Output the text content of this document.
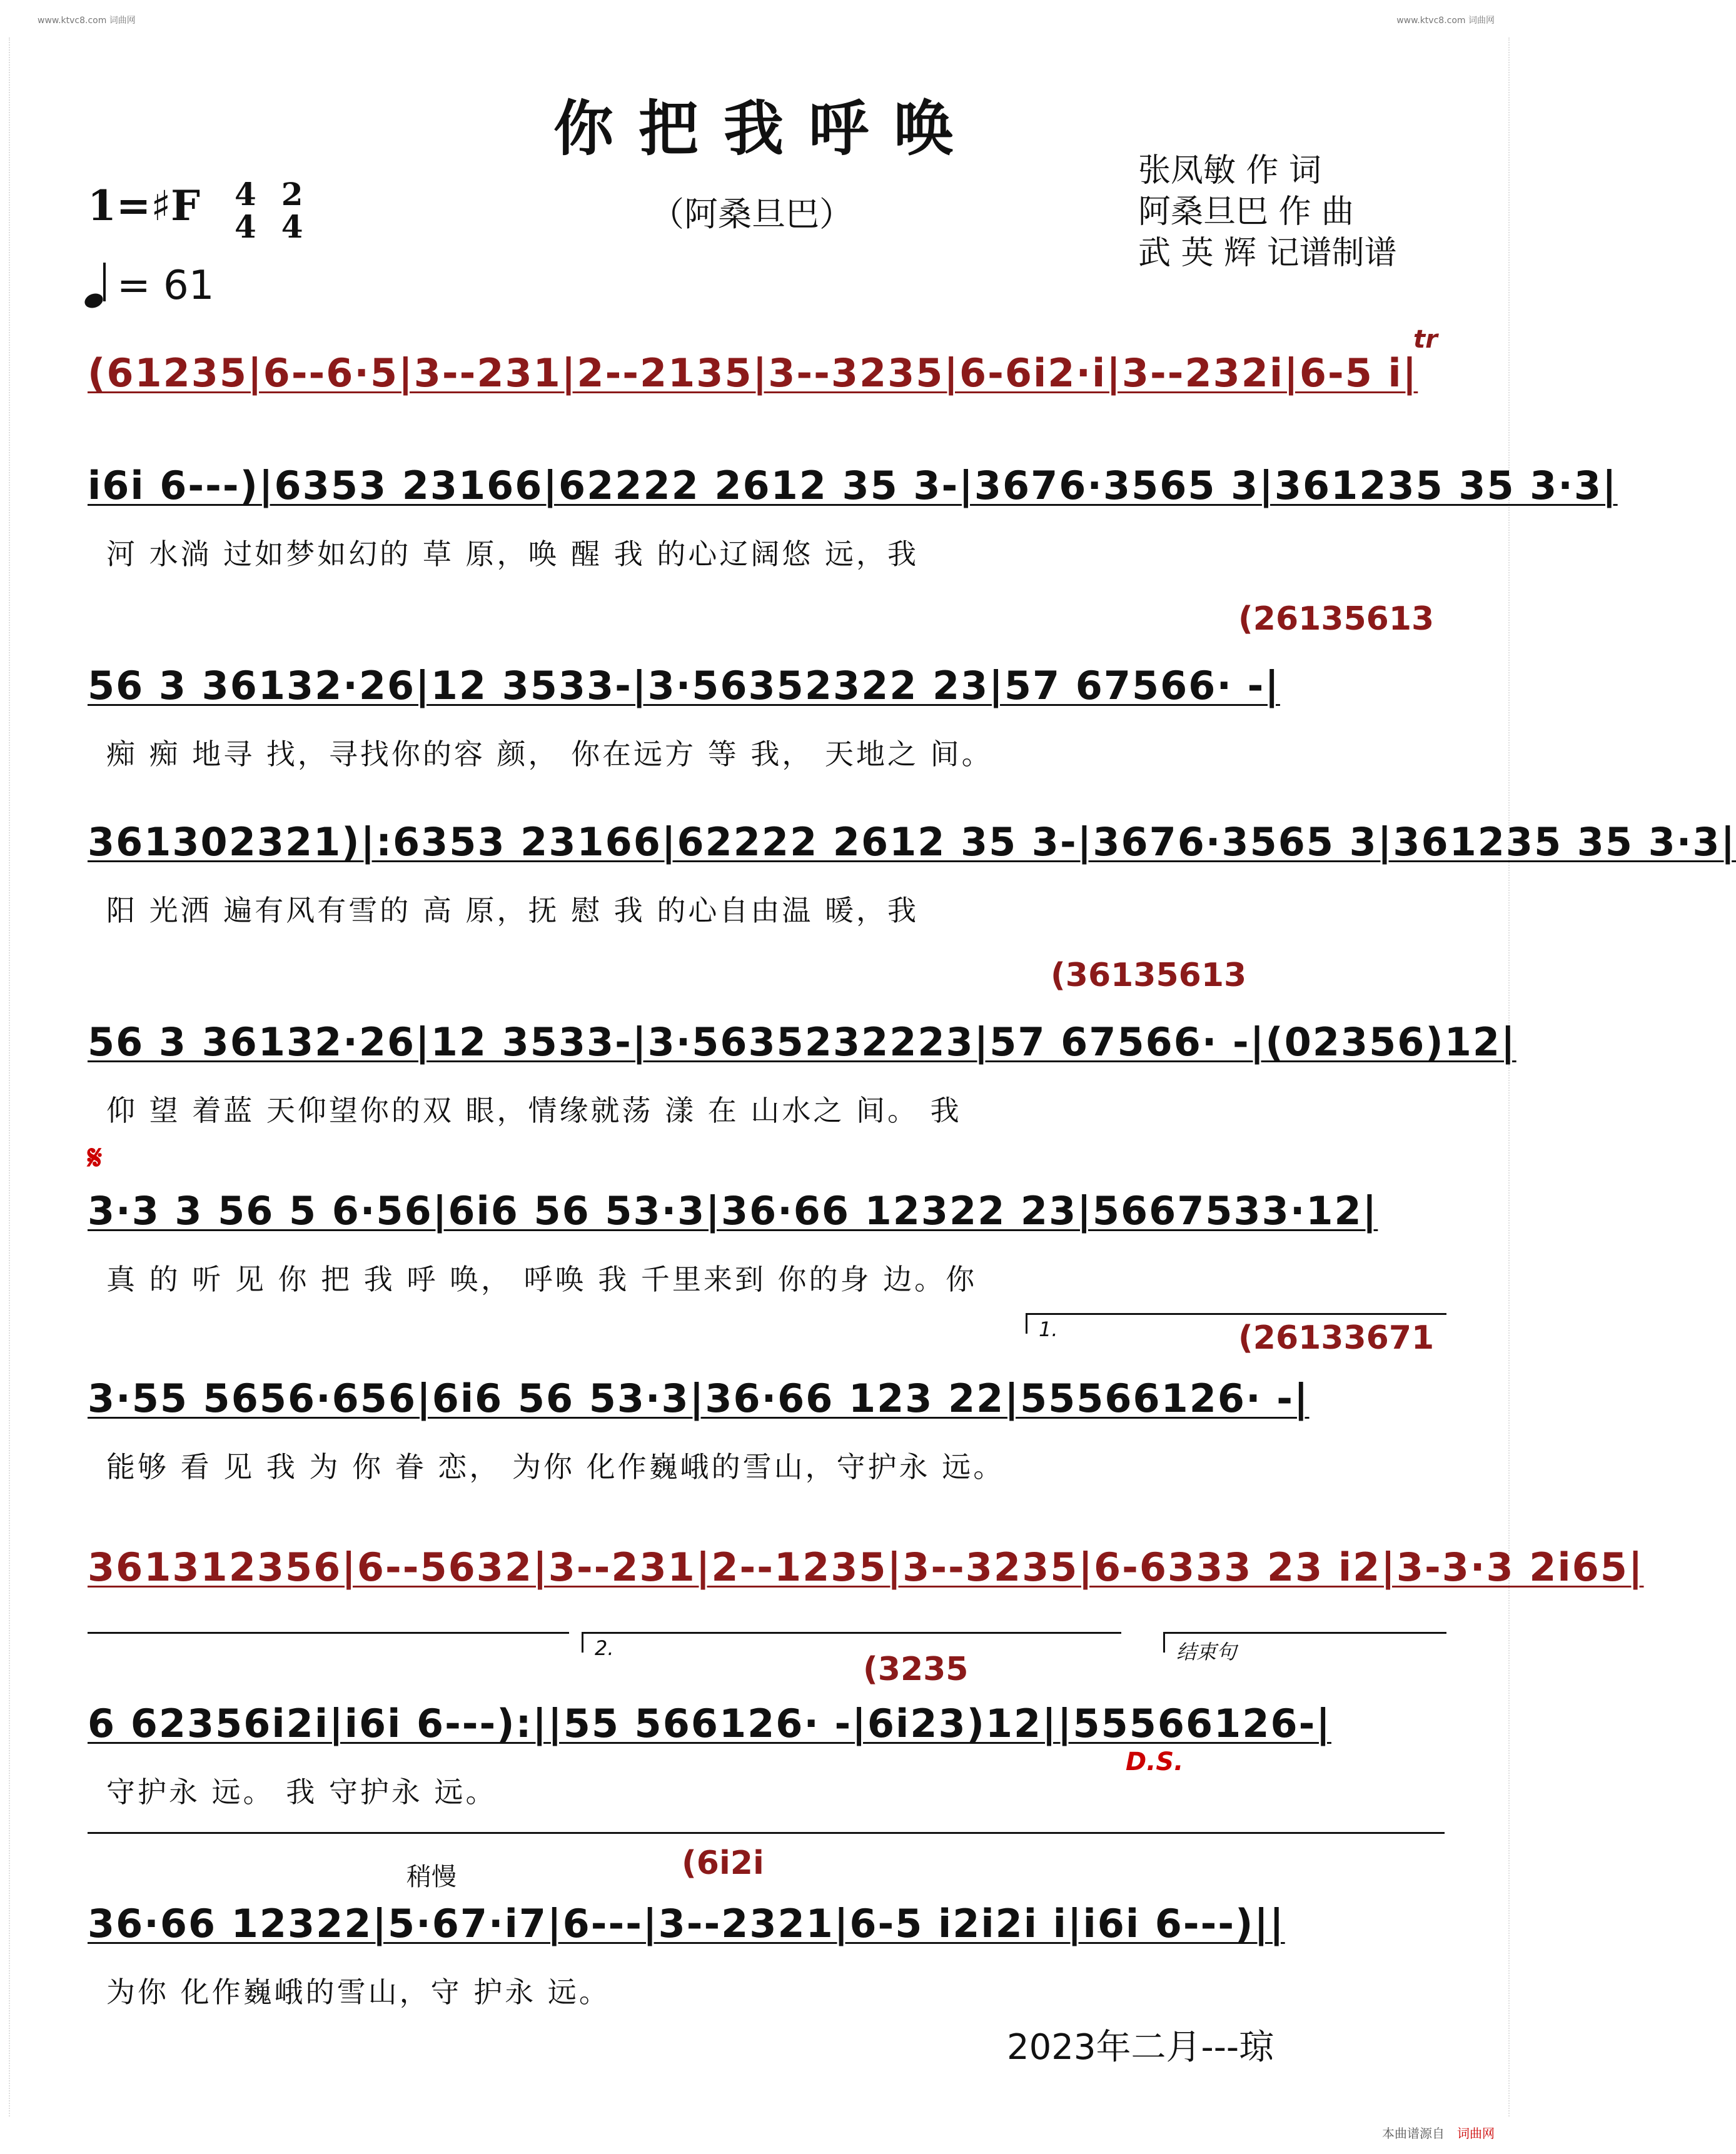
www.ktvc8.com 词曲网	www.ktvc8.com 词曲网
你把我呼唤
（阿桑旦巴）
张凤敏 作 词
阿桑旦巴 作 曲
武 英 辉 记谱制谱
1=♯F 4
4
2
4
= 61
(61235|6--6·5|3--231|2--2135|3--3235|6-6i2·i|3--232i|6-5 i|
tr
i6i 6---)|6353 23166|62222 2612 35 3-|3676·3565 3|361235 35 3·3|
河 水淌 过如梦如幻的 草 原，唤 醒 我 的心辽阔悠 远，我
(26135613
56 3 36132·26|12 3533-|3·56352322 23|57 67566· -|
痴 痴 地寻 找，寻找你的容 颜， 你在远方 等 我， 天地之 间。
361302321)|:6353 23166|62222 2612 35 3-|3676·3565 3|361235 35 3·3|
阳 光洒 遍有风有雪的 高 原，抚 慰 我 的心自由温 暖，我
(36135613
56 3 36132·26|12 3533-|3·5635232223|57 67566· -|(02356)12|
仰 望 着蓝 天仰望你的双 眼，情缘就荡 漾 在 山水之 间。 我
𝄋
3·3 3 56 5 6·56|6i6 56 53·3|36·66 12322 23|5667533·12|
真 的 听 见 你 把 我 呼 唤， 呼唤 我 千里来到 你的身 边。你
1.	(26133671
3·55 5656·656|6i6 56 53·3|36·66 123 22|55566126· -|
能够 看 见 我 为 你 眷 恋， 为你 化作巍峨的雪山，守护永 远。
361312356|6--5632|3--231|2--1235|3--3235|6-6333 23 i2|3-3·3 2i65|
2.	结束句
(3235
6 62356i2i|i6i 6---):||55 566126· -|6i23)12||55566126-|
D.S.
守护永 远。 我 守护永 远。
稍慢	(6i2i
36·66 12322|5·67·i7|6---|3--2321|6-5 i2i2i i|i6i 6---)||
为你 化作巍峨的雪山，守 护永 远。
2023年二月---琼
本曲谱源自 词曲网
